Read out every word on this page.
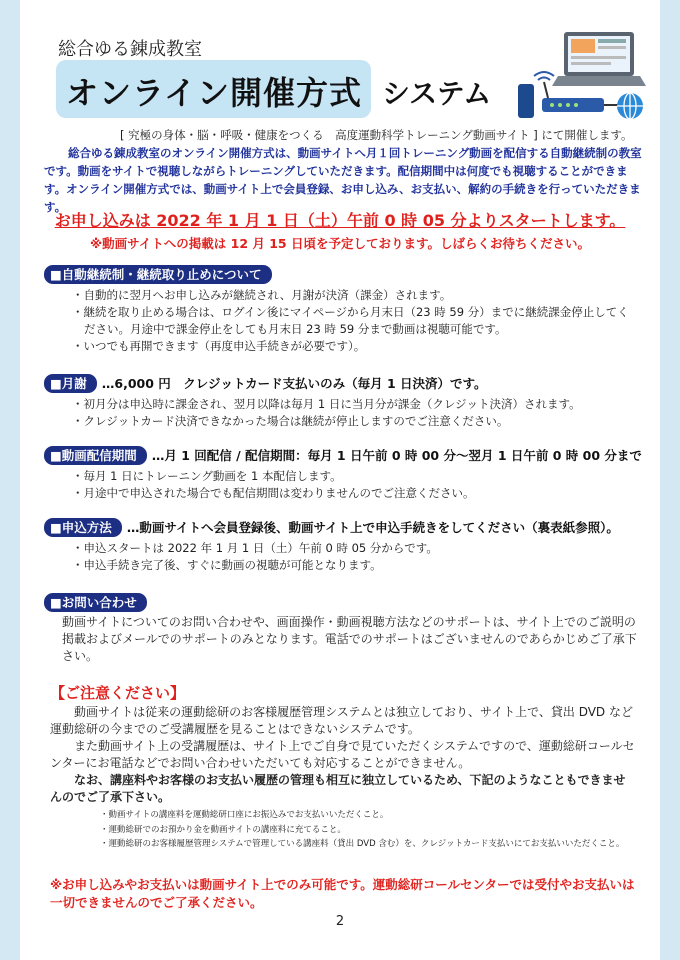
総合ゆる錬成教室
オンライン開催方式 システム
[ 究極の身体・脳・呼吸・健康をつくる　高度運動科学トレーニング動画サイト ] にて開催します。
総合ゆる錬成教室のオンライン開催方式は、動画サイトへ月１回トレーニング動画を配信する自動継続制の教室です。動画をサイトで視聴しながらトレーニングしていただきます。配信期間中は何度でも視聴することができます。オンライン開催方式では、動画サイト上で会員登録、お申し込み、お支払い、解約の手続きを行っていただきます。
お申し込みは 2022 年 1 月 1 日（土）午前 0 時 05 分よりスタートします。
※動画サイトへの掲載は 12 月 15 日頃を予定しております。しばらくお待ちください。
■自動継続制・継続取り止めについて
・自動的に翌月へお申し込みが継続され、月謝が決済（課金）されます。
・継続を取り止める場合は、ログイン後にマイページから月末日（23 時 59 分）までに継続課金停止してください。月途中で課金停止をしても月末日 23 時 59 分まで動画は視聴可能です。
・いつでも再開できます（再度申込手続きが必要です）。
■月謝 …6,000 円　クレジットカード支払いのみ（毎月 1 日決済）です。
・初月分は申込時に課金され、翌月以降は毎月 1 日に当月分が課金（クレジット決済）されます。
・クレジットカード決済できなかった場合は継続が停止しますのでご注意ください。
■動画配信期間 …月 1 回配信 / 配信期間：毎月 1 日午前 0 時 00 分〜翌月 1 日午前 0 時 00 分まで
・毎月 1 日にトレーニング動画を 1 本配信します。
・月途中で申込された場合でも配信期間は変わりませんのでご注意ください。
■申込方法 …動画サイトへ会員登録後、動画サイト上で申込手続きをしてください（裏表紙参照）。
・申込スタートは 2022 年 1 月 1 日（土）午前 0 時 05 分からです。
・申込手続き完了後、すぐに動画の視聴が可能となります。
■お問い合わせ
動画サイトについてのお問い合わせや、画面操作・動画視聴方法などのサポートは、サイト上でのご説明の掲載およびメールでのサポートのみとなります。電話でのサポートはございませんのであらかじめご了承下さい。
【ご注意ください】
動画サイトは従来の運動総研のお客様履歴管理システムとは独立しており、サイト上で、貸出 DVD など運動総研の今までのご受講履歴を見ることはできないシステムです。
また動画サイト上の受講履歴は、サイト上でご自身で見ていただくシステムですので、運動総研コールセンターにお電話などでお問い合わせいただいても対応することができません。
なお、講座料やお客様のお支払い履歴の管理も相互に独立しているため、下記のようなこともできませんのでご了承下さい。
・動画サイトの講座料を運動総研口座にお振込みでお支払いいただくこと。
・運動総研でのお預かり金を動画サイトの講座料に充てること。
・運動総研のお客様履歴管理システムで管理している講座料（貸出 DVD 含む）を、クレジットカード支払いにてお支払いいただくこと。
※お申し込みやお支払いは動画サイト上でのみ可能です。運動総研コールセンターでは受付やお支払いは一切できませんのでご了承ください。
2
